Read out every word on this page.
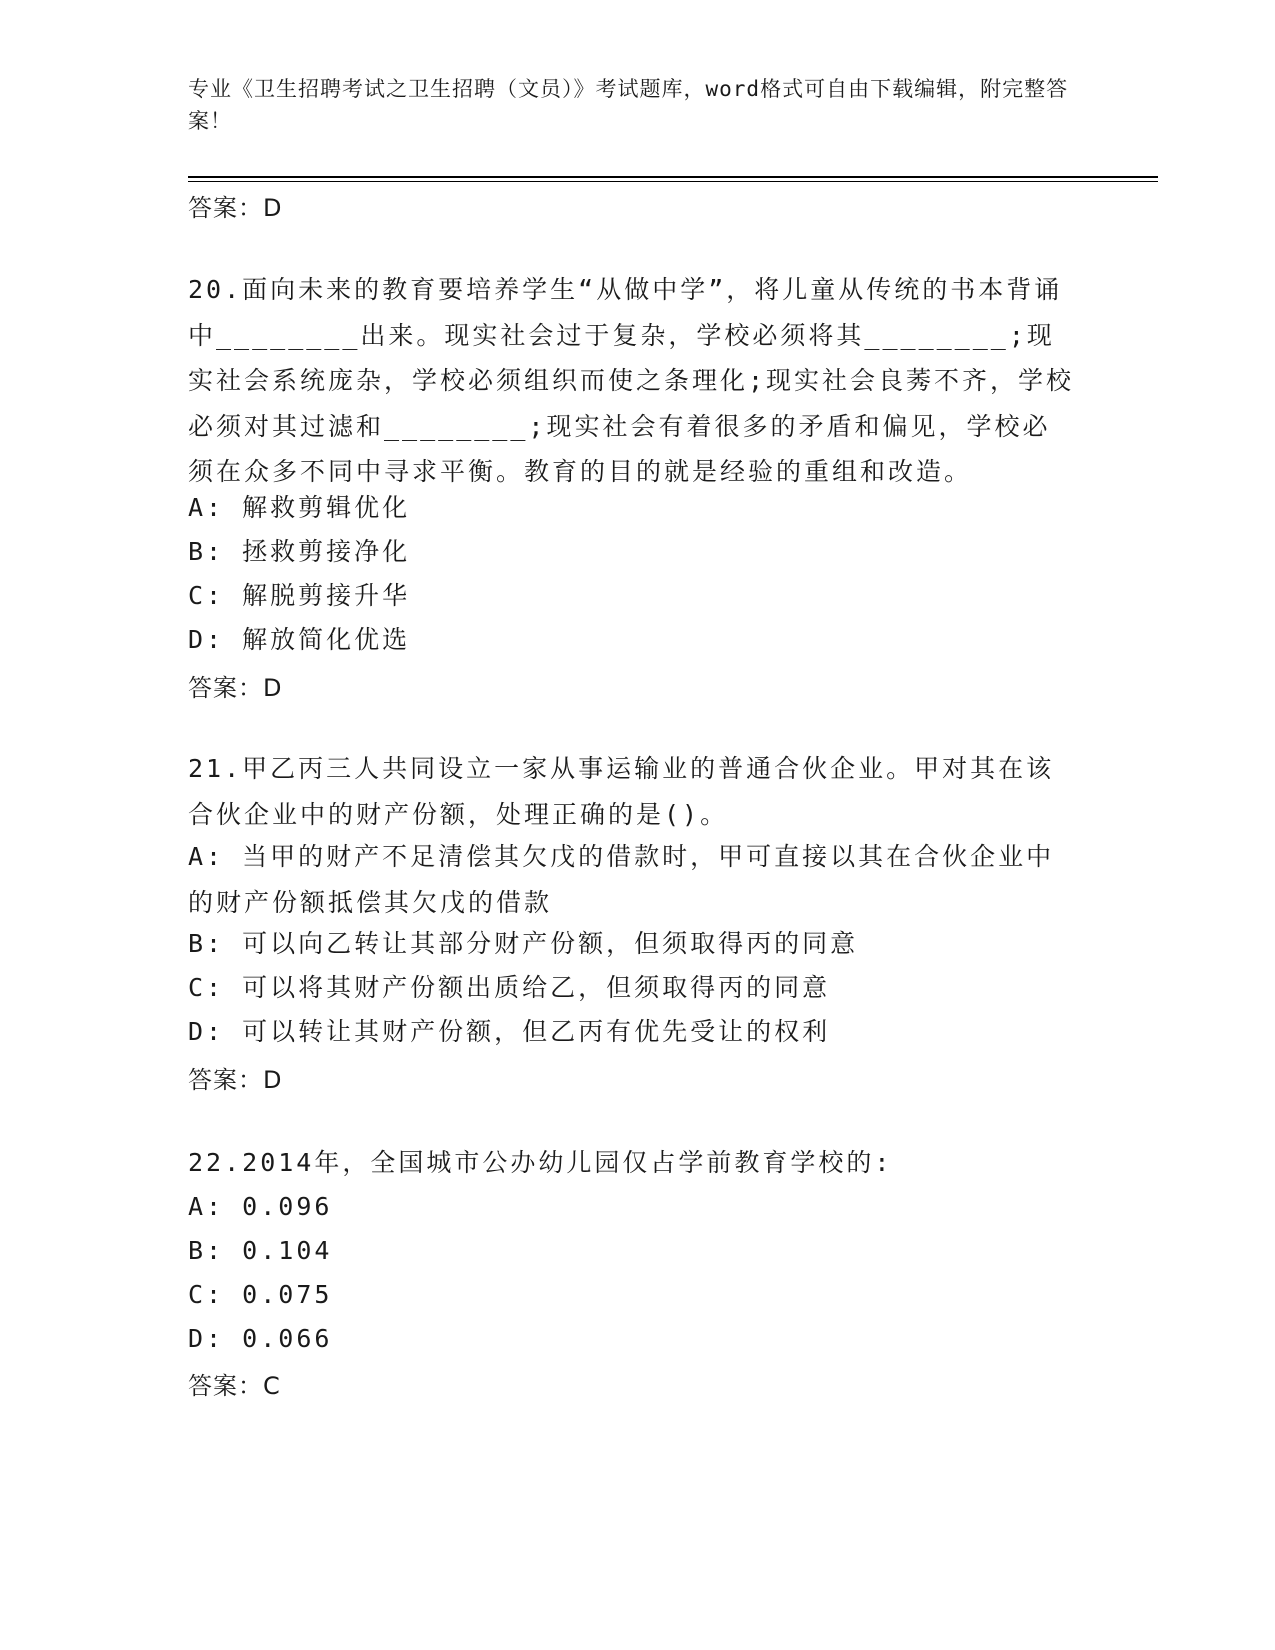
专业《卫生招聘考试之卫生招聘（文员）》考试题库，word格式可自由下载编辑，附完整答案！
答案：D
20.面向未来的教育要培养学生“从做中学”，将儿童从传统的书本背诵中________出来。现实社会过于复杂，学校必须将其________;现实社会系统庞杂，学校必须组织而使之条理化;现实社会良莠不齐，学校必须对其过滤和________;现实社会有着很多的矛盾和偏见，学校必须在众多不同中寻求平衡。教育的目的就是经验的重组和改造。
A: 解救剪辑优化
B: 拯救剪接净化
C: 解脱剪接升华
D: 解放简化优选
答案：D
21.甲乙丙三人共同设立一家从事运输业的普通合伙企业。甲对其在该合伙企业中的财产份额，处理正确的是()。
A: 当甲的财产不足清偿其欠戊的借款时，甲可直接以其在合伙企业中的财产份额抵偿其欠戊的借款
B: 可以向乙转让其部分财产份额，但须取得丙的同意
C: 可以将其财产份额出质给乙，但须取得丙的同意
D: 可以转让其财产份额，但乙丙有优先受让的权利
答案：D
22.2014年，全国城市公办幼儿园仅占学前教育学校的:
A: 0.096
B: 0.104
C: 0.075
D: 0.066
答案：C
